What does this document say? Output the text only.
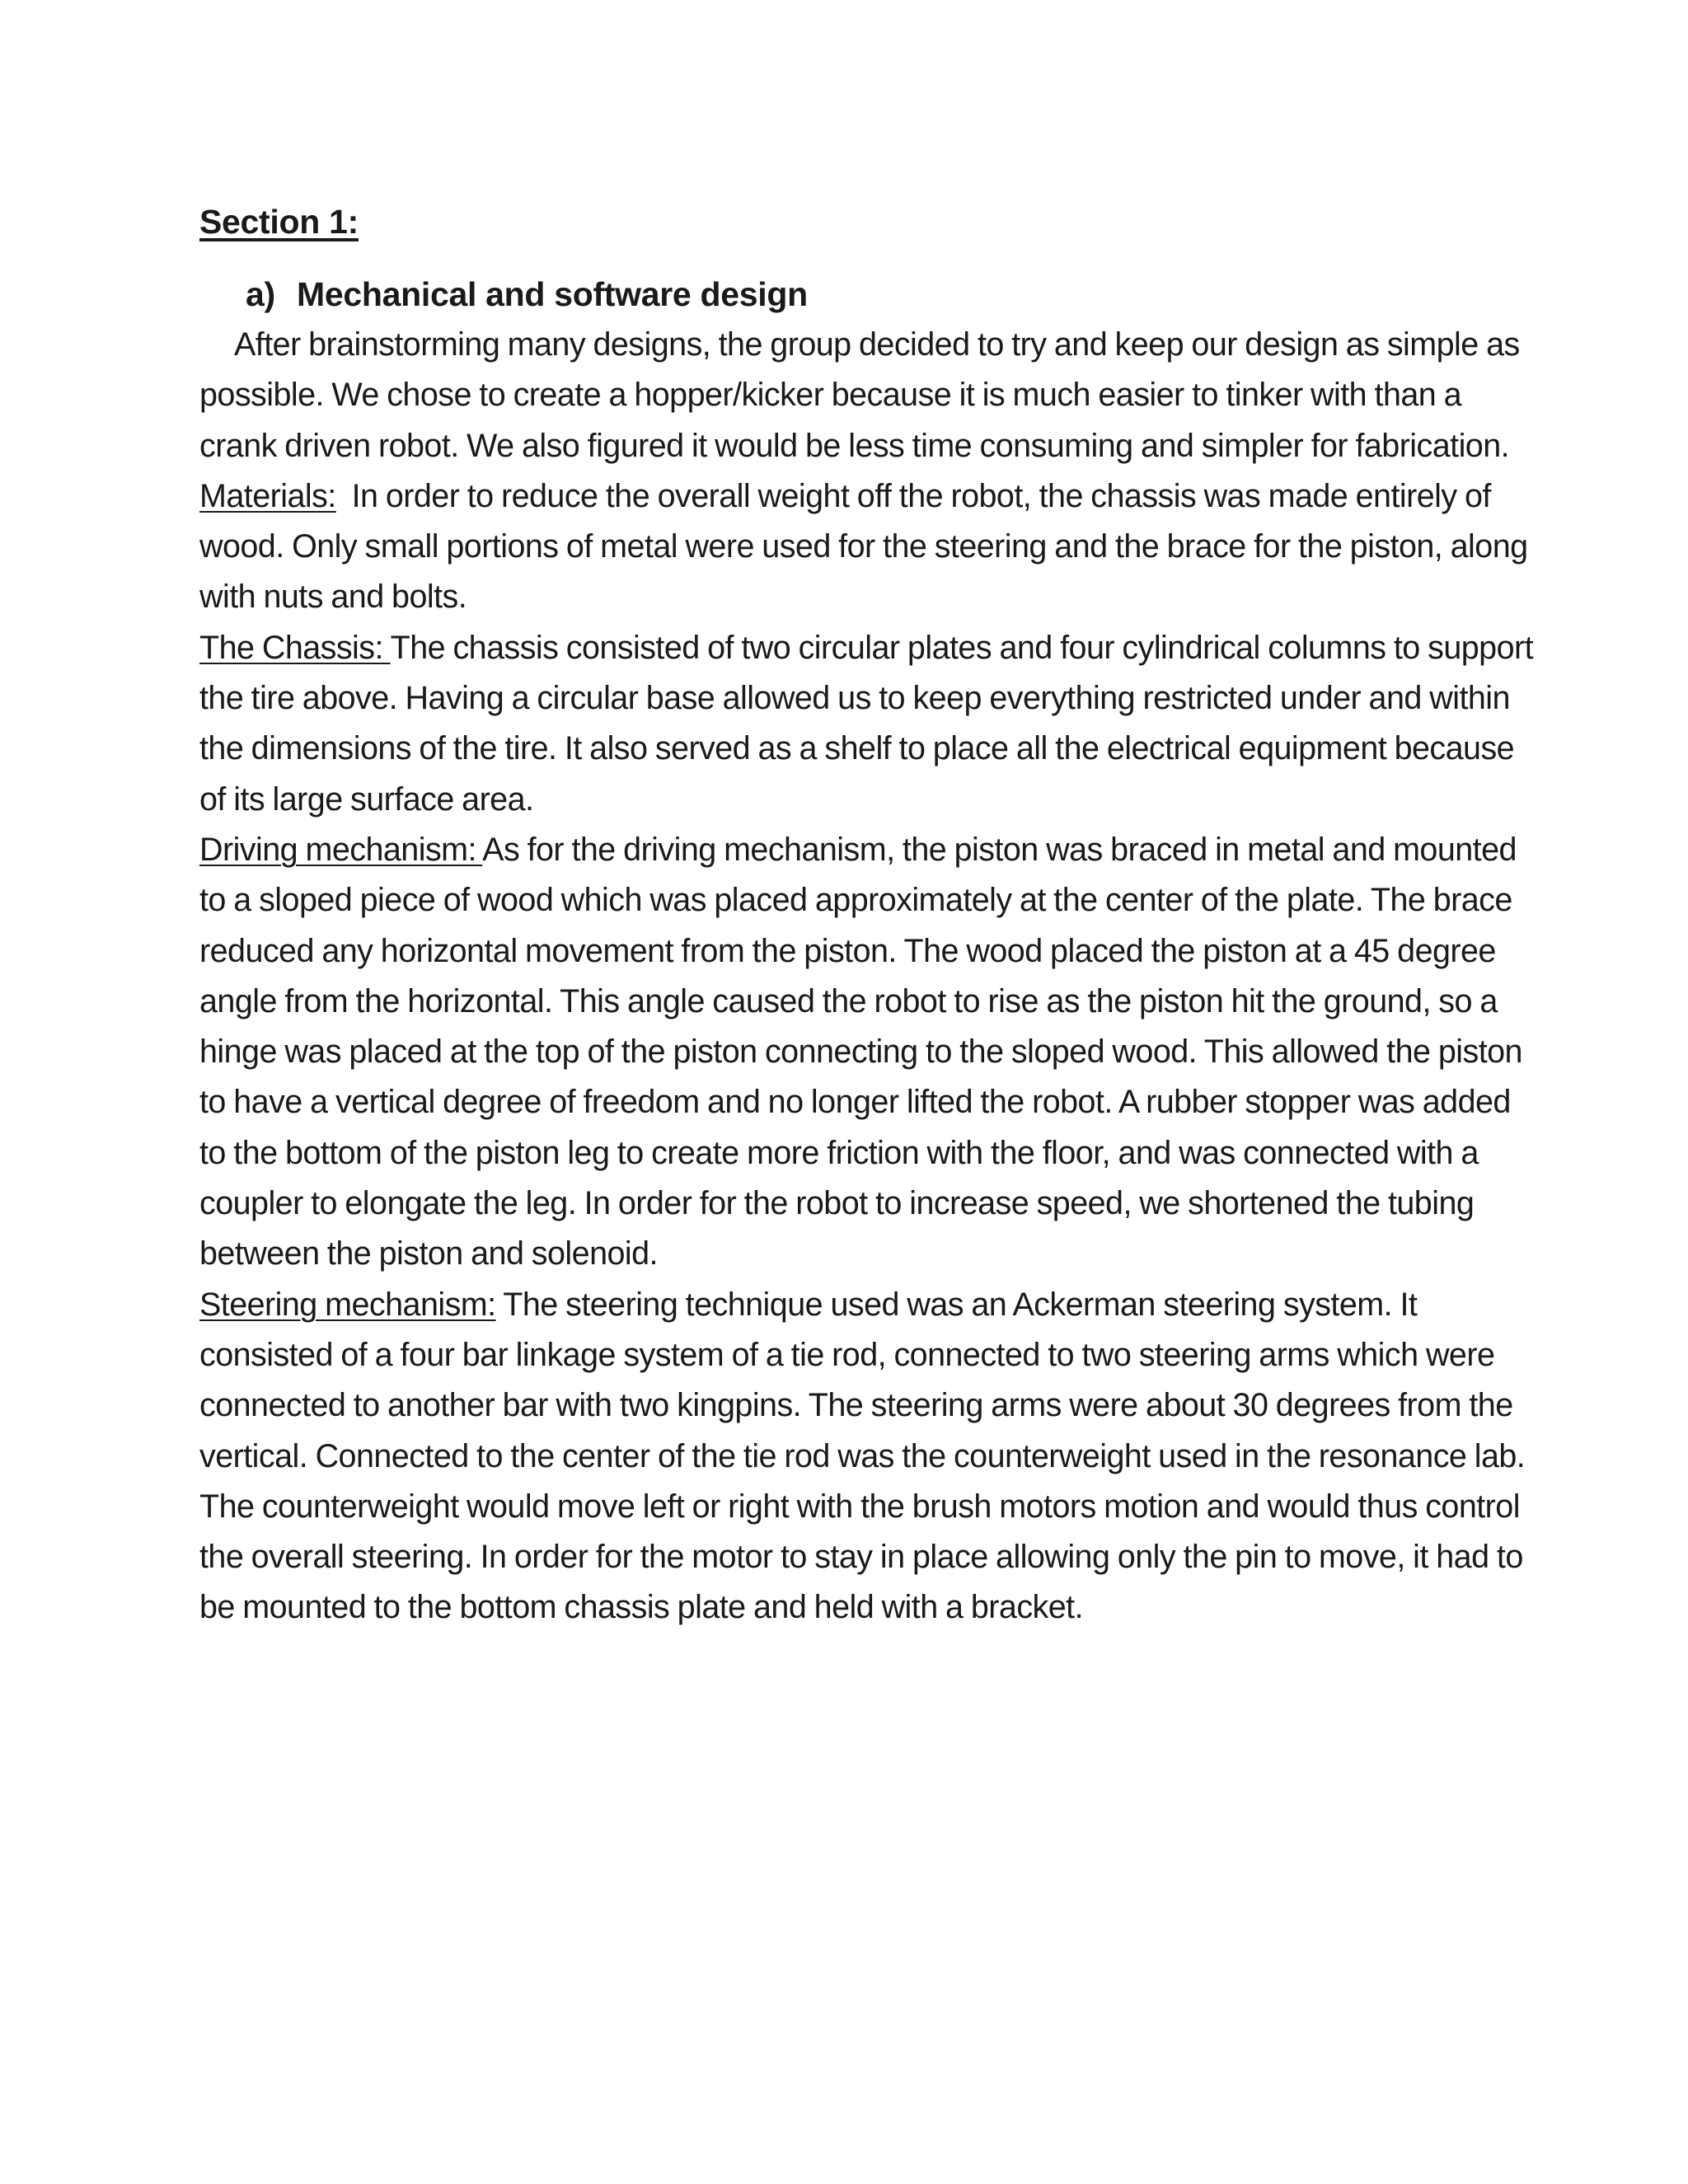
Section 1:
a) Mechanical and software design

After brainstorming many designs, the group decided to try and keep our design as simple as possible. We chose to create a hopper/kicker because it is much easier to tinker with than a crank driven robot. We also figured it would be less time consuming and simpler for fabrication.

Materials:  In order to reduce the overall weight off the robot, the chassis was made entirely of wood. Only small portions of metal were used for the steering and the brace for the piston, along with nuts and bolts.

The Chassis: The chassis consisted of two circular plates and four cylindrical columns to support the tire above. Having a circular base allowed us to keep everything restricted under and within the dimensions of the tire. It also served as a shelf to place all the electrical equipment because of its large surface area.

Driving mechanism: As for the driving mechanism, the piston was braced in metal and mounted to a sloped piece of wood which was placed approximately at the center of the plate. The brace reduced any horizontal movement from the piston. The wood placed the piston at a 45 degree angle from the horizontal. This angle caused the robot to rise as the piston hit the ground, so a hinge was placed at the top of the piston connecting to the sloped wood. This allowed the piston to have a vertical degree of freedom and no longer lifted the robot. A rubber stopper was added to the bottom of the piston leg to create more friction with the floor, and was connected with a coupler to elongate the leg. In order for the robot to increase speed, we shortened the tubing between the piston and solenoid.

Steering mechanism: The steering technique used was an Ackerman steering system. It consisted of a four bar linkage system of a tie rod, connected to two steering arms which were connected to another bar with two kingpins. The steering arms were about 30 degrees from the vertical. Connected to the center of the tie rod was the counterweight used in the resonance lab. The counterweight would move left or right with the brush motors motion and would thus control the overall steering. In order for the motor to stay in place allowing only the pin to move, it had to be mounted to the bottom chassis plate and held with a bracket.
